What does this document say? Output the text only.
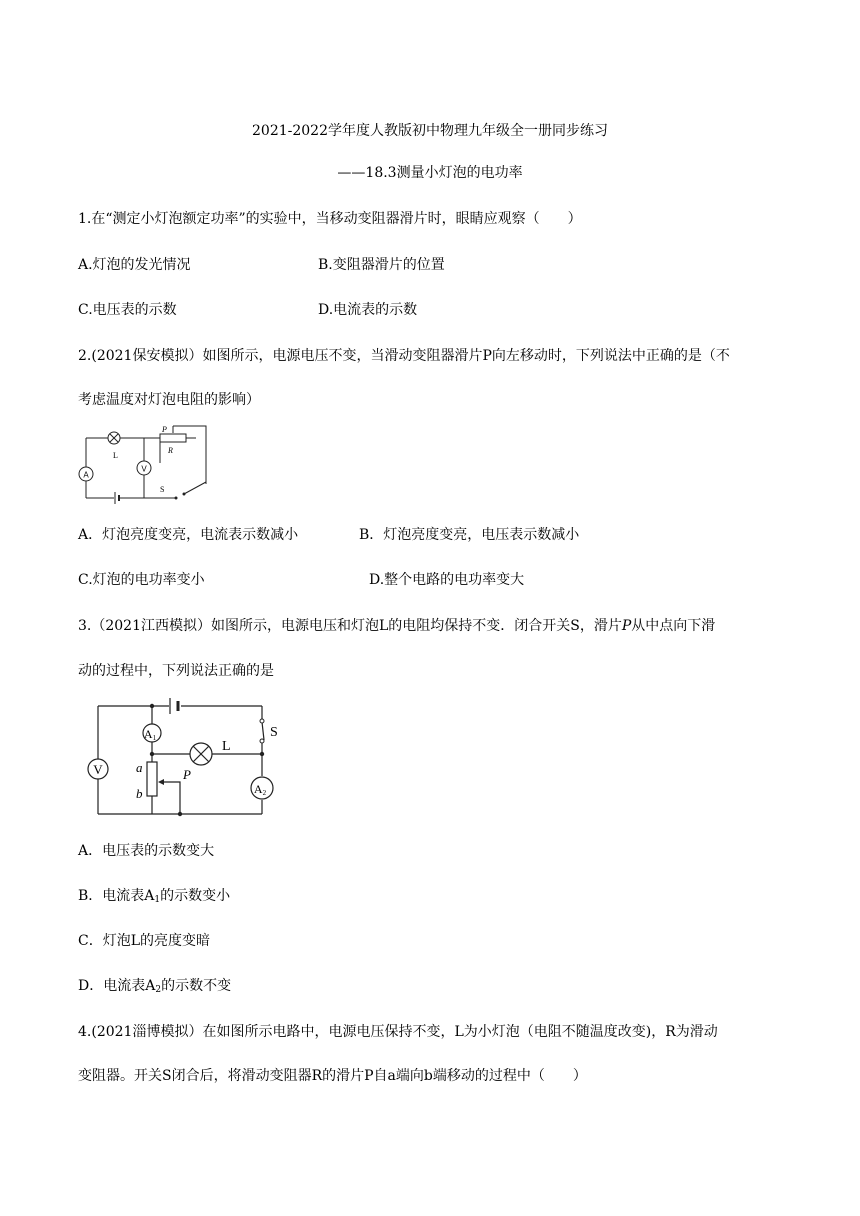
2021-2022学年度人教版初中物理九年级全一册同步练习
——18.3测量小灯泡的电功率
1.在“测定小灯泡额定功率”的实验中，当移动变阻器滑片时，眼睛应观察（　　）
A.灯泡的发光情况	B.变阻器滑片的位置
C.电压表的示数	D.电流表的示数
2.(2021保安模拟）如图所示，电源电压不变，当滑动变阻器滑片P向左移动时，下列说法中正确的是（不
考虑温度对灯泡电阻的影响）
A
V
P
R
L
S
A．灯泡亮度变亮，电流表示数减小	B．灯泡亮度变亮，电压表示数减小
C.灯泡的电功率变小	D.整个电路的电功率变大
3.（2021江西模拟）如图所示，电源电压和灯泡L的电阻均保持不变．闭合开关S，滑片P从中点向下滑
动的过程中，下列说法正确的是
A1
V
A2
L
S
a
b
P
A．电压表的示数变大
B．电流表$A_1$的示数变小
C．灯泡L的亮度变暗
D．电流表$A_2$的示数不变
4.(2021淄博模拟）在如图所示电路中，电源电压保持不变，L为小灯泡（电阻不随温度改变)，R为滑动
变阻器。开关S闭合后，将滑动变阻器R的滑片P自a端向b端移动的过程中（　　）
